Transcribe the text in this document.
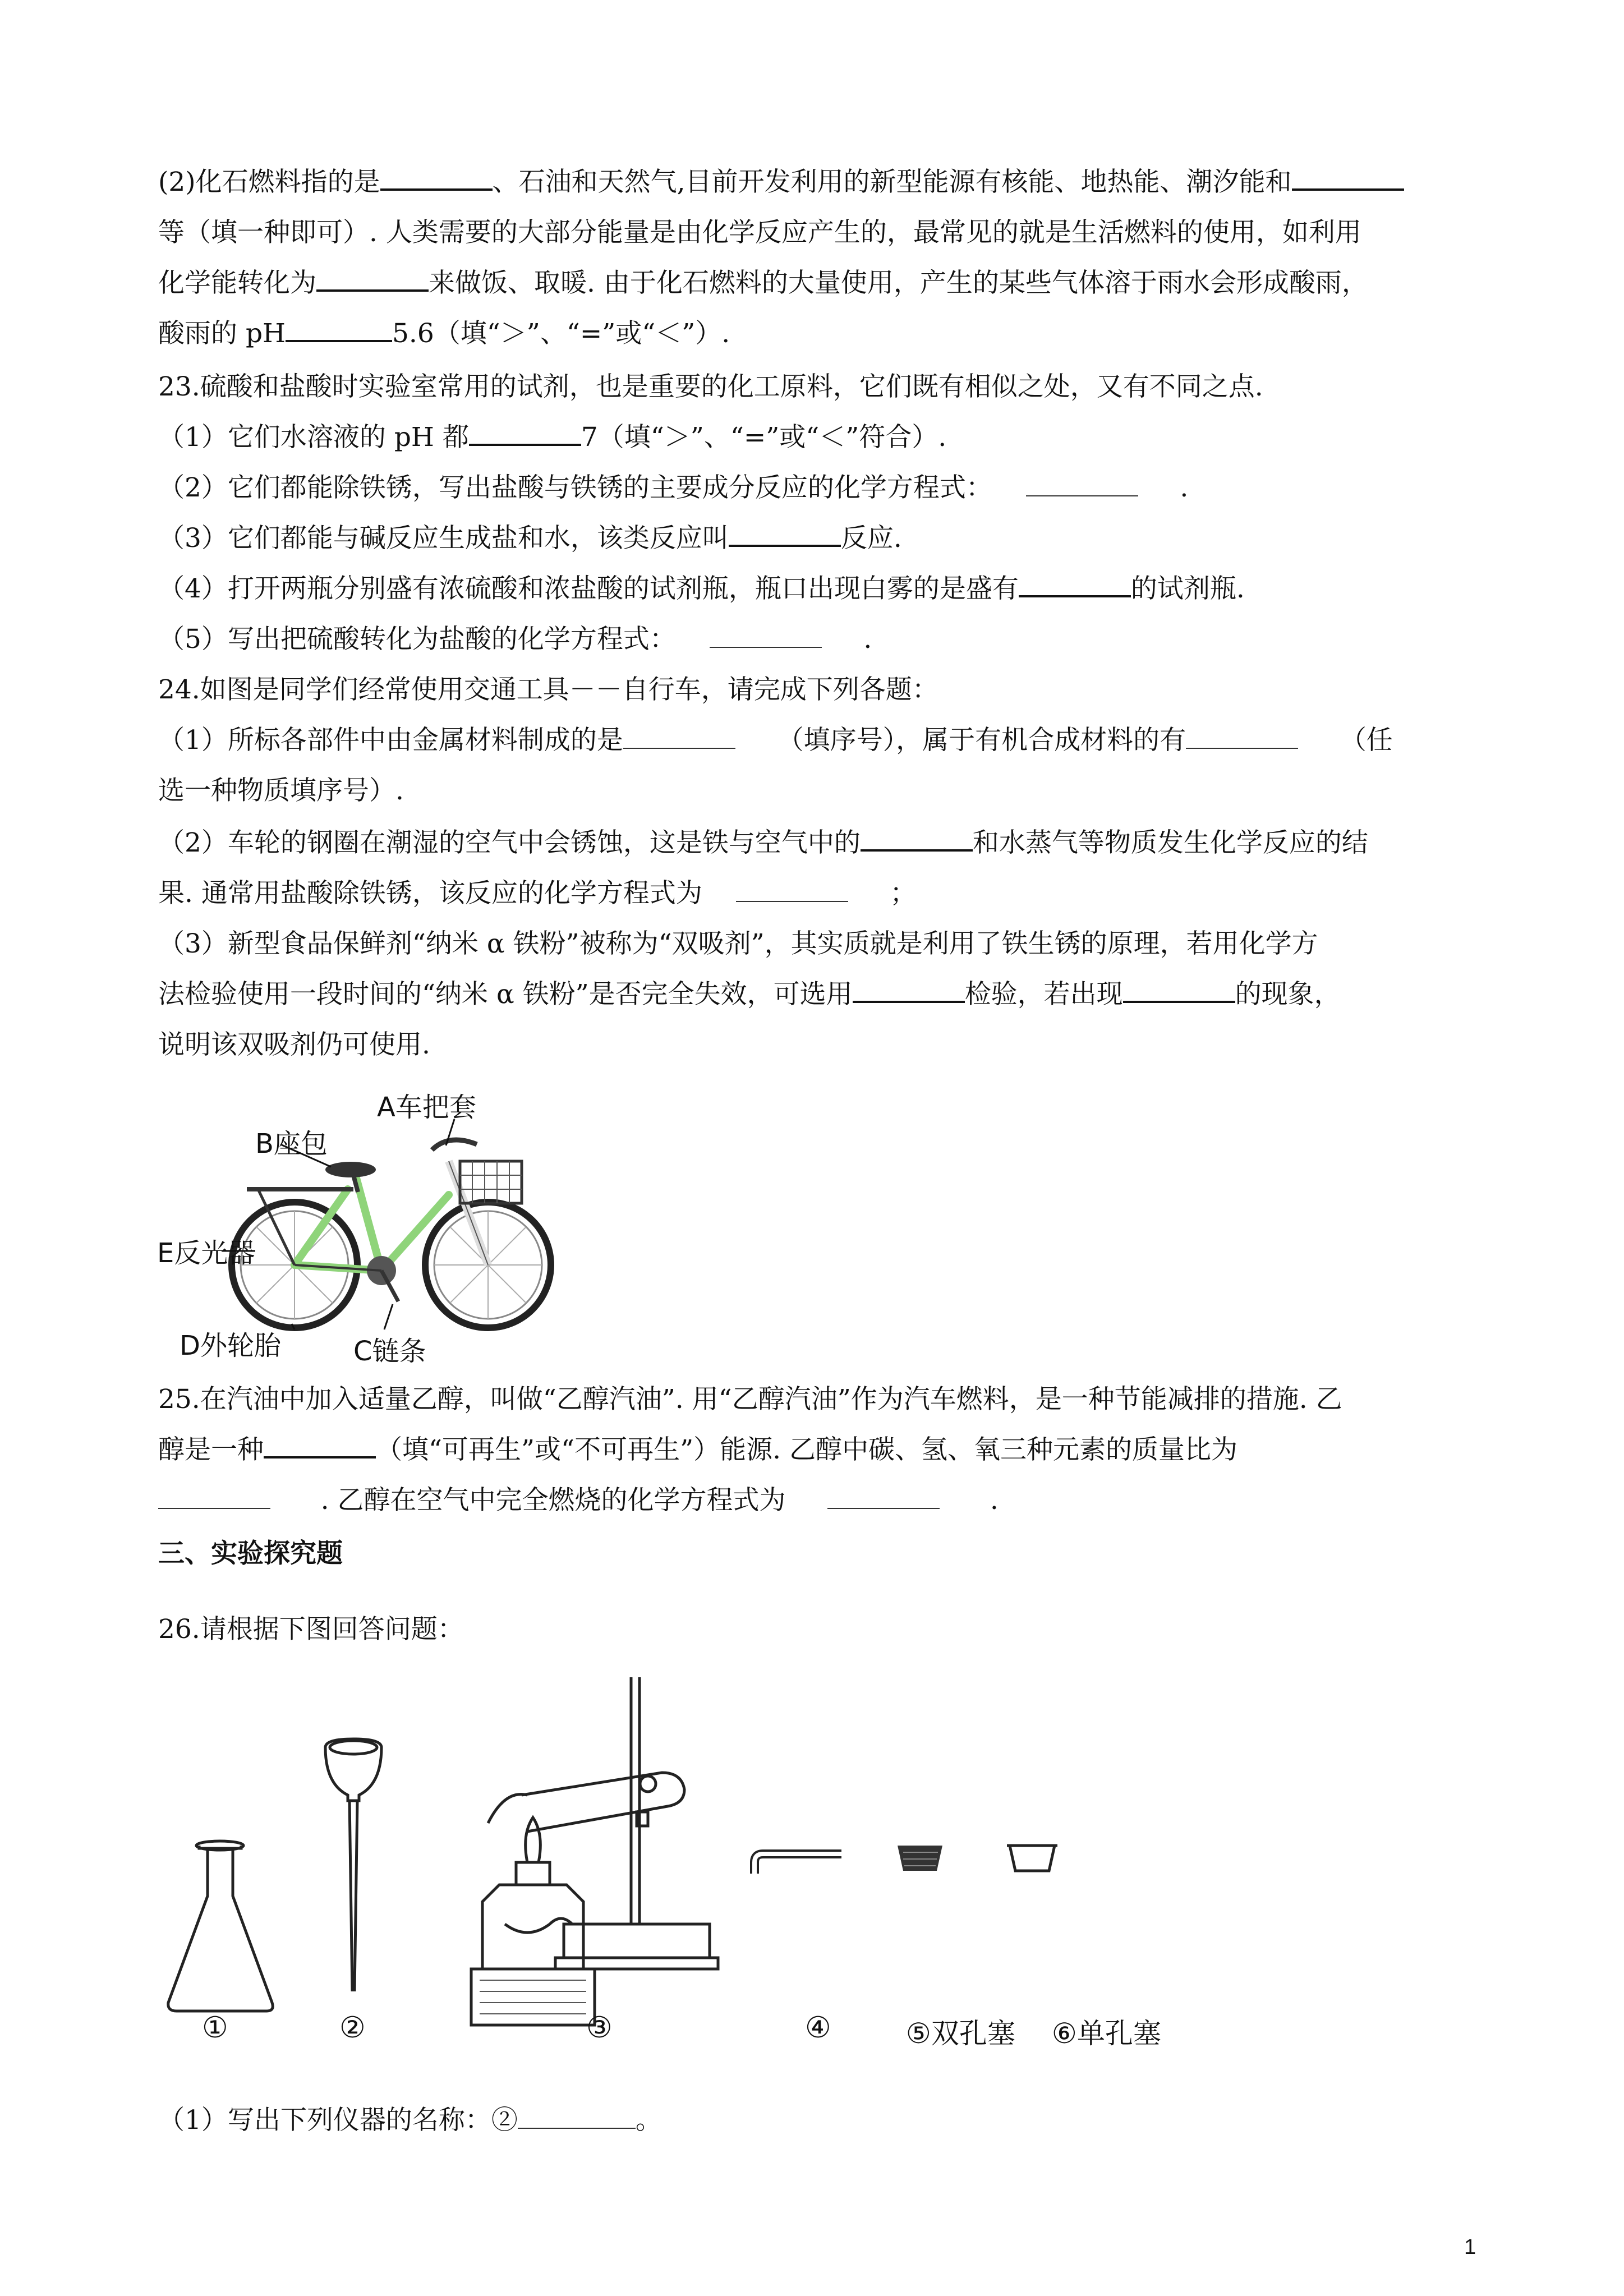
(2)化石燃料指的是	、石油和天然气,目前开发利用的新型能源有核能、地热能、潮汐能和
等（填一种即可）. 人类需要的大部分能量是由化学反应产生的，最常见的就是生活燃料的使用，如利用
化学能转化为	来做饭、取暖. 由于化石燃料的大量使用，产生的某些气体溶于雨水会形成酸雨，
酸雨的 pH	5.6（填“＞”、“=”或“＜”）.
23.硫酸和盐酸时实验室常用的试剂，也是重要的化工原料，它们既有相似之处，又有不同之点.
（1）它们水溶液的 pH 都	7（填“＞”、“=”或“＜”符合）.
（2）它们都能除铁锈，写出盐酸与铁锈的主要成分反应的化学方程式：	.
（3）它们都能与碱反应生成盐和水，该类反应叫	反应.
（4）打开两瓶分别盛有浓硫酸和浓盐酸的试剂瓶，瓶口出现白雾的是盛有	的试剂瓶.
（5）写出把硫酸转化为盐酸的化学方程式：	.
24.如图是同学们经常使用交通工具－－自行车，请完成下列各题：
（1）所标各部件中由金属材料制成的是	（填序号），属于有机合成材料的有	（任
选一种物质填序号）.
（2）车轮的钢圈在潮湿的空气中会锈蚀，这是铁与空气中的	和水蒸气等物质发生化学反应的结
果. 通常用盐酸除铁锈，该反应的化学方程式为	；
（3）新型食品保鲜剂“纳米 α 铁粉”被称为“双吸剂”，其实质就是利用了铁生锈的原理，若用化学方
法检验使用一段时间的“纳米 α 铁粉”是否完全失效，可选用	检验，若出现	的现象，
说明该双吸剂仍可使用.
A车把套
B座包
E反光器
D外轮胎	C链条
25.在汽油中加入适量乙醇，叫做“乙醇汽油”. 用“乙醇汽油”作为汽车燃料，是一种节能减排的措施. 乙
醇是一种	（填“可再生”或“不可再生”）能源. 乙醇中碳、氢、氧三种元素的质量比为
. 乙醇在空气中完全燃烧的化学方程式为	.
三、实验探究题
26.请根据下图回答问题：
①	②	③	④	⑤双孔塞 ⑥单孔塞
（1）写出下列仪器的名称：②	。
1
